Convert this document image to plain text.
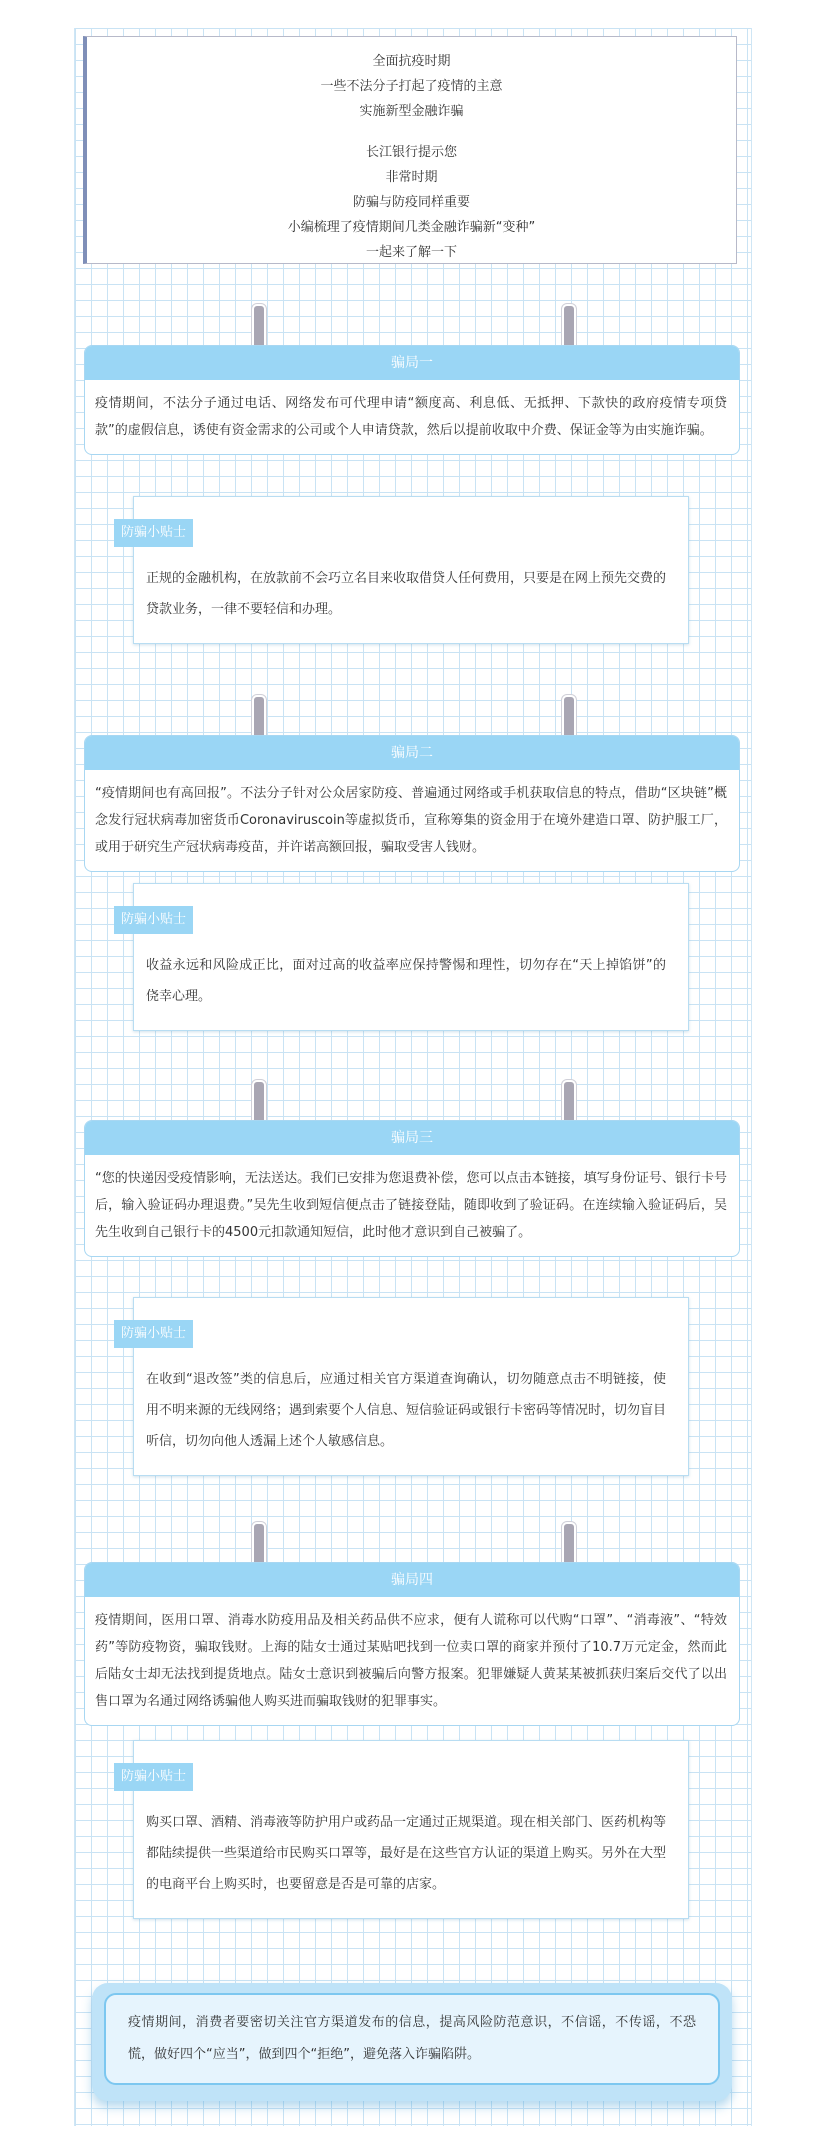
全面抗疫时期
一些不法分子打起了疫情的主意
实施新型金融诈骗
长江银行提示您
非常时期
防骗与防疫同样重要
小编梳理了疫情期间几类金融诈骗新“变种”
一起来了解一下
骗局一
疫情期间，不法分子通过电话、网络发布可代理申请“额度高、利息低、无抵押、下款快的政府疫情专项贷款”的虚假信息，诱使有资金需求的公司或个人申请贷款，然后以提前收取中介费、保证金等为由实施诈骗。
防骗小贴士
正规的金融机构，在放款前不会巧立名目来收取借贷人任何费用，只要是在网上预先交费的贷款业务，一律不要轻信和办理。
骗局二
“疫情期间也有高回报”。不法分子针对公众居家防疫、普遍通过网络或手机获取信息的特点，借助“区块链”概念发行冠状病毒加密货币Coronaviruscoin等虚拟货币，宣称筹集的资金用于在境外建造口罩、防护服工厂，或用于研究生产冠状病毒疫苗，并许诺高额回报，骗取受害人钱财。
防骗小贴士
收益永远和风险成正比，面对过高的收益率应保持警惕和理性，切勿存在“天上掉馅饼”的侥幸心理。
骗局三
“您的快递因受疫情影响，无法送达。我们已安排为您退费补偿，您可以点击本链接，填写身份证号、银行卡号后，输入验证码办理退费。”吴先生收到短信便点击了链接登陆，随即收到了验证码。在连续输入验证码后，吴先生收到自己银行卡的4500元扣款通知短信，此时他才意识到自己被骗了。
防骗小贴士
在收到“退改签”类的信息后，应通过相关官方渠道查询确认，切勿随意点击不明链接，使用不明来源的无线网络；遇到索要个人信息、短信验证码或银行卡密码等情况时，切勿盲目听信，切勿向他人透漏上述个人敏感信息。
骗局四
疫情期间，医用口罩、消毒水防疫用品及相关药品供不应求，便有人谎称可以代购“口罩”、“消毒液”、“特效药”等防疫物资，骗取钱财。上海的陆女士通过某贴吧找到一位卖口罩的商家并预付了10.7万元定金，然而此后陆女士却无法找到提货地点。陆女士意识到被骗后向警方报案。犯罪嫌疑人黄某某被抓获归案后交代了以出售口罩为名通过网络诱骗他人购买进而骗取钱财的犯罪事实。
防骗小贴士
购买口罩、酒精、消毒液等防护用户或药品一定通过正规渠道。现在相关部门、医药机构等都陆续提供一些渠道给市民购买口罩等，最好是在这些官方认证的渠道上购买。另外在大型的电商平台上购买时，也要留意是否是可靠的店家。
疫情期间，消费者要密切关注官方渠道发布的信息，提高风险防范意识，不信谣，不传谣，不恐慌，做好四个“应当”，做到四个“拒绝”，避免落入诈骗陷阱。
